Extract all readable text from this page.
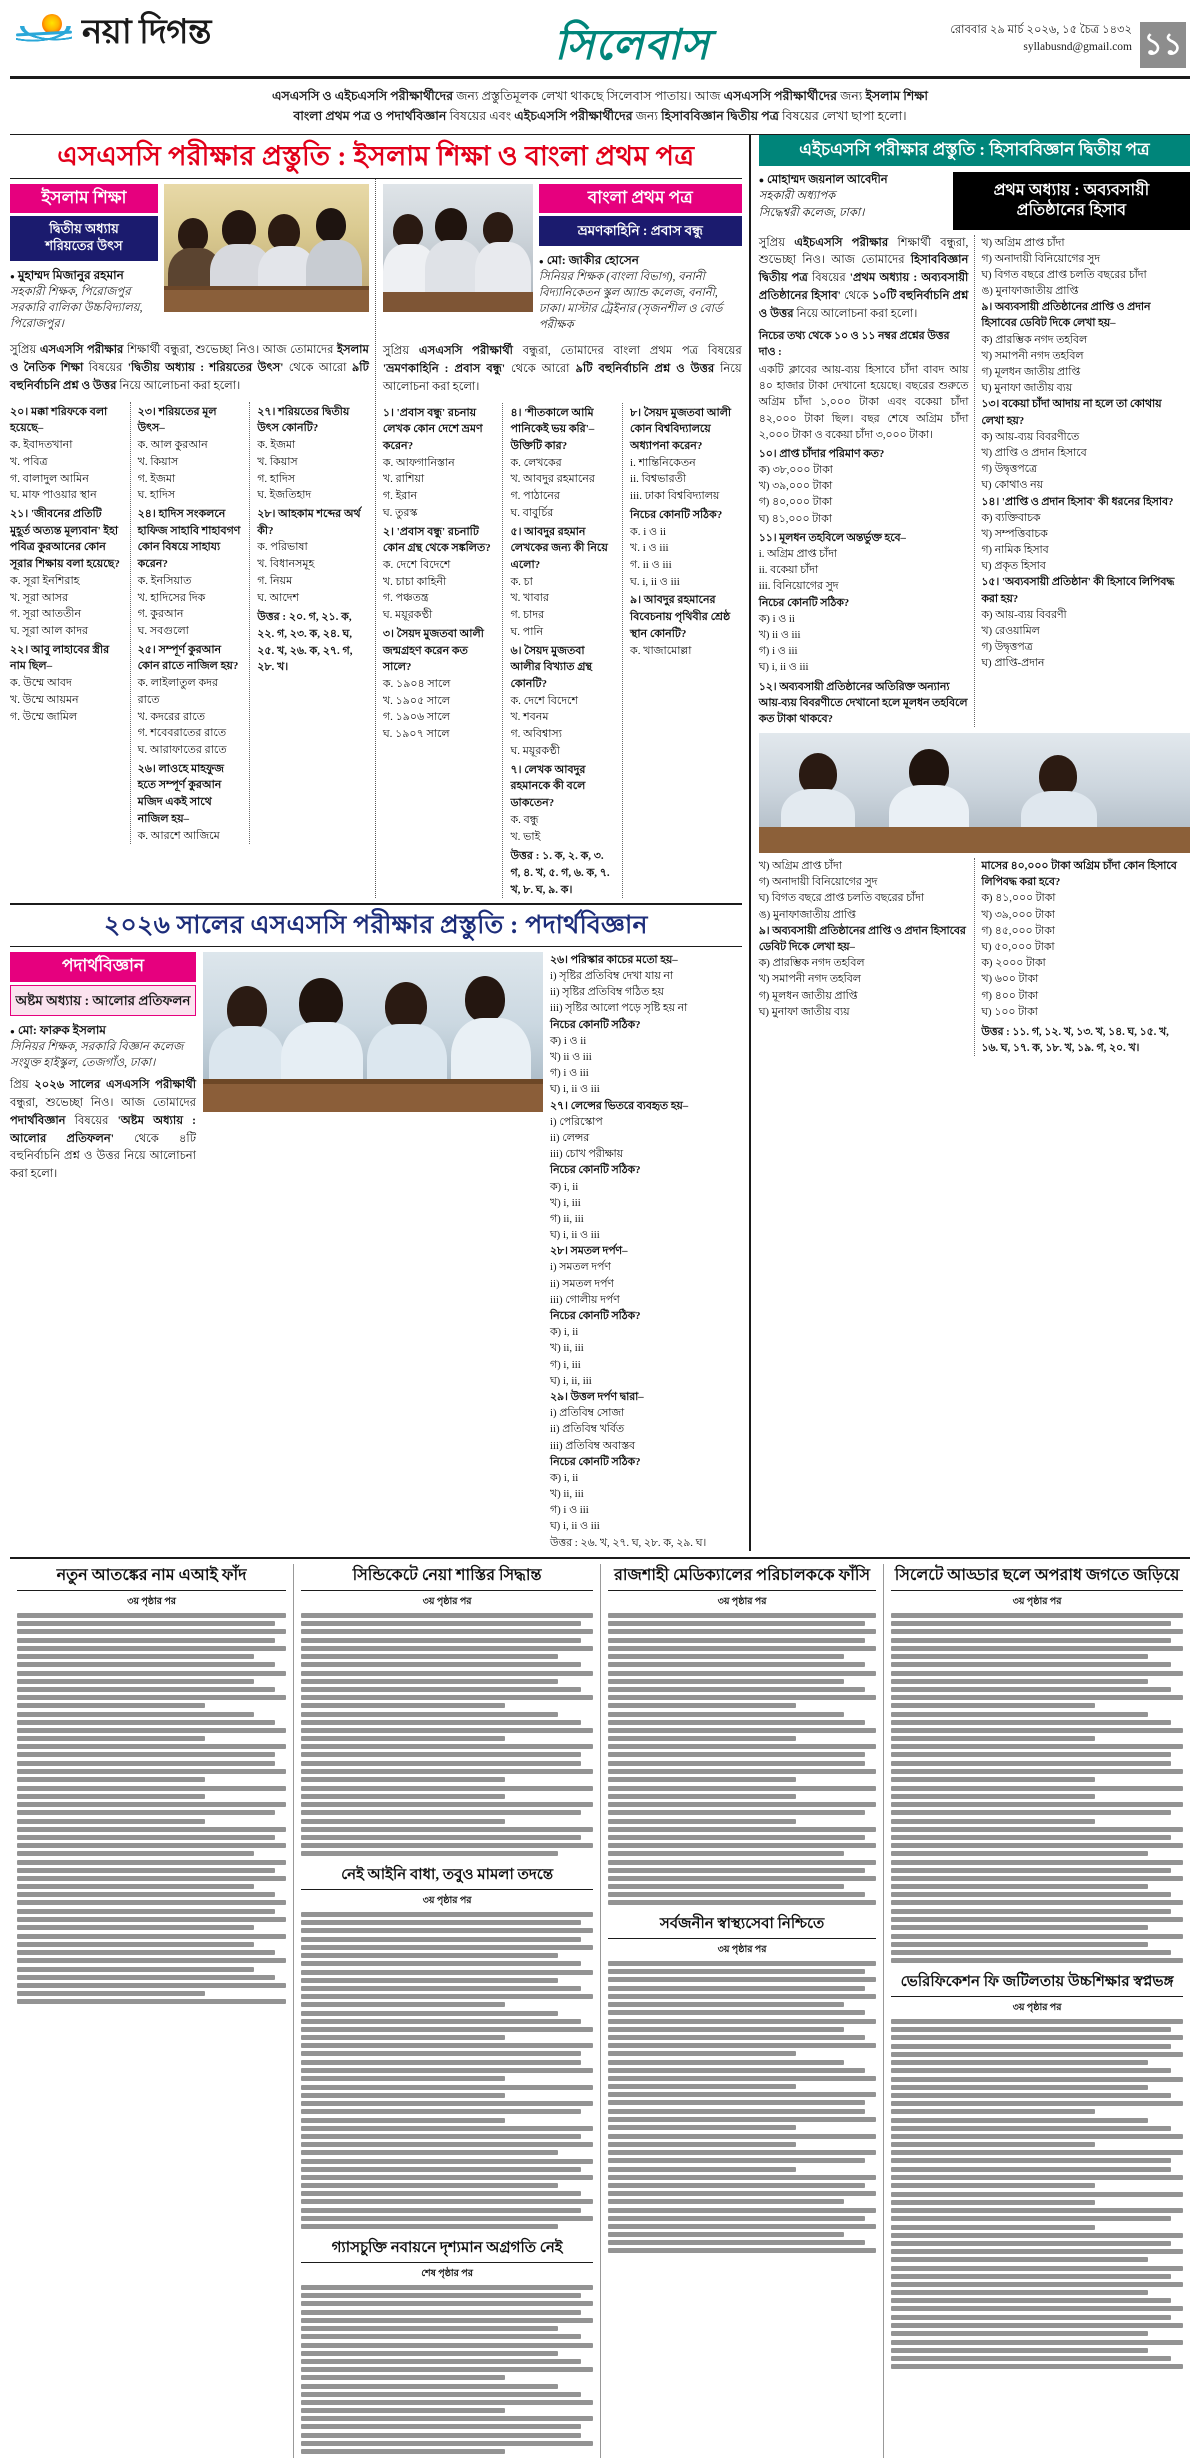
নয়া দিগন্ত	সিলেবাস	রোববার ২৯ মার্চ ২০২৬, ১৫ চৈত্র ১৪৩২
syllabusnd@gmail.com ১১
এসএসসি ও এইচএসসি পরীক্ষার্থীদের জন্য প্রস্তুতিমূলক লেখা থাকছে সিলেবাস পাতায়। আজ এসএসসি পরীক্ষার্থীদের জন্য ইসলাম শিক্ষা
বাংলা প্রথম পত্র ও পদার্থবিজ্ঞান বিষয়ের এবং এইচএসসি পরীক্ষার্থীদের জন্য হিসাববিজ্ঞান দ্বিতীয় পত্র বিষয়ের লেখা ছাপা হলো।
এসএসসি পরীক্ষার প্রস্তুতি : ইসলাম শিক্ষা ও বাংলা প্রথম পত্র
ইসলাম শিক্ষা
দ্বিতীয় অধ্যায়
শরিয়তের উৎস
● মুহাম্মদ মিজানুর রহমান
সহকারী শিক্ষক, পিরোজপুর সরকারি বালিকা উচ্চবিদ্যালয়, পিরোজপুর।
সুপ্রিয় এসএসসি পরীক্ষার শিক্ষার্থী বন্ধুরা, শুভেচ্ছা নিও। আজ তোমাদের ইসলাম ও নৈতিক শিক্ষা বিষয়ের 'দ্বিতীয় অধ্যায় : শরিয়তের উৎস' থেকে আরো ৯টি বহুনির্বাচনি প্রশ্ন ও উত্তর নিয়ে আলোচনা করা হলো।
২০। মক্কা শরিফকে বলা হয়েছে–
ক. ইবাদতখানা
খ. পবিত্র
গ. বালাদুল আমিন
ঘ. মাফ পাওয়ার স্থান
২১। 'জীবনের প্রতিটি মুহূর্ত অত্যন্ত মূল্যবান' ইহা পবিত্র কুরআনের কোন সূরার শিক্ষায় বলা হয়েছে?
ক. সূরা ইনশিরাহ
খ. সূরা আসর
গ. সূরা আততীন
ঘ. সূরা আল কাদর
২২। আবু লাহাবের স্ত্রীর নাম ছিল–
ক. উম্মে আবদ
খ. উম্মে আয়মন
গ. উম্মে জামিল
২৩। শরিয়তের মূল উৎস–
ক. আল কুরআন
খ. কিয়াস
গ. ইজমা
ঘ. হাদিস
২৪। হাদিস সংকলনে হাফিজ সাহাবি শাহাবগণ কোন বিষয়ে সাহায্য করেন?
ক. ইনসিয়াত
খ. হাদিসের দিক
গ. কুরআন
ঘ. সবগুলো
২৫। সম্পূর্ণ কুরআন কোন রাতে নাজিল হয়?
ক. লাইলাতুল কদর রাতে
খ. কদরের রাতে
গ. শবেবরাতের রাতে
ঘ. আরাফাতের রাতে
২৬। লাওহে মাহফুজ হতে সম্পূর্ণ কুরআন মজিদ একই সাথে নাজিল হয়–
ক. আরশে আজিমে
২৭। শরিয়তের দ্বিতীয় উৎস কোনটি?
ক. ইজমা
খ. কিয়াস
গ. হাদিস
ঘ. ইজতিহাদ
২৮। আহকাম শব্দের অর্থ কী?
ক. পরিভাষা
খ. বিধানসমূহ
গ. নিয়ম
ঘ. আদেশ
উত্তর : ২০. গ, ২১. ক, ২২. গ, ২৩. ক, ২৪. ঘ, ২৫. খ, ২৬. ক, ২৭. গ, ২৮. খ।
বাংলা প্রথম পত্র
ভ্রমণকাহিনি : প্রবাস বন্ধু
● মো: জাকীর হোসেন
সিনিয়র শিক্ষক (বাংলা বিভাগ), বনানী বিদ্যানিকেতন স্কুল অ্যান্ড কলেজ, বনানী, ঢাকা। মাস্টার ট্রেইনার (সৃজনশীল ও বোর্ড পরীক্ষক
সুপ্রিয় এসএসসি পরীক্ষার্থী বন্ধুরা, তোমাদের বাংলা প্রথম পত্র বিষয়ের 'ভ্রমণকাহিনি : প্রবাস বন্ধু' থেকে আরো ৯টি বহুনির্বাচনি প্রশ্ন ও উত্তর নিয়ে আলোচনা করা হলো।
১। 'প্রবাস বন্ধু' রচনায় লেখক কোন দেশে ভ্রমণ করেন?
ক. আফগানিস্তান
খ. রাশিয়া
গ. ইরান
ঘ. তুরস্ক
২। 'প্রবাস বন্ধু' রচনাটি কোন গ্রন্থ থেকে সঙ্কলিত?
ক. দেশে বিদেশে
খ. চাচা কাহিনী
গ. পঞ্চতন্ত্র
ঘ. ময়ূরকণ্ঠী
৩। সৈয়দ মুজতবা আলী জন্মগ্রহণ করেন কত সালে?
ক. ১৯০৪ সালে
খ. ১৯০৫ সালে
গ. ১৯০৬ সালে
ঘ. ১৯০৭ সালে
৪। 'শীতকালে আমি পানিকেই ভয় করি'– উক্তিটি কার?
ক. লেখকের
খ. আবদুর রহমানের
গ. পাঠানের
ঘ. বাবুর্চির
৫। আবদুর রহমান লেখকের জন্য কী নিয়ে এলো?
ক. চা
খ. খাবার
গ. চাদর
ঘ. পানি
৬। সৈয়দ মুজতবা আলীর বিখ্যাত গ্রন্থ কোনটি?
ক. দেশে বিদেশে
খ. শবনম
গ. অবিশ্বাস্য
ঘ. ময়ূরকণ্ঠী
৭। লেখক আবদুর রহমানকে কী বলে ডাকতেন?
ক. বন্ধু
খ. ভাই
উত্তর : ১. ক, ২. ক, ৩. গ, ৪. খ, ৫. গ, ৬. ক, ৭. খ, ৮. ঘ, ৯. ক।
৮। সৈয়দ মুজতবা আলী কোন বিশ্ববিদ্যালয়ে অধ্যাপনা করেন?
i. শান্তিনিকেতন
ii. বিশ্বভারতী
iii. ঢাকা বিশ্ববিদ্যালয়
নিচের কোনটি সঠিক?
ক. i ও ii
খ. i ও iii
গ. ii ও iii
ঘ. i, ii ও iii
৯। আবদুর রহমানের বিবেচনায় পৃথিবীর শ্রেষ্ঠ স্থান কোনটি?
ক. খাজামোল্লা
২০২৬ সালের এসএসসি পরীক্ষার প্রস্তুতি : পদার্থবিজ্ঞান
পদার্থবিজ্ঞান
অষ্টম অধ্যায় : আলোর প্রতিফলন
● মো: ফারুক ইসলাম
সিনিয়র শিক্ষক, সরকারি বিজ্ঞান কলেজ সংযুক্ত হাইস্কুল, তেজগাঁও, ঢাকা।
প্রিয় ২০২৬ সালের এসএসসি পরীক্ষার্থী বন্ধুরা, শুভেচ্ছা নিও। আজ তোমাদের পদার্থবিজ্ঞান বিষয়ের 'অষ্টম অধ্যায় : আলোর প্রতিফলন' থেকে ৪টি বহুনির্বাচনি প্রশ্ন ও উত্তর নিয়ে আলোচনা করা হলো।
২৬। পরিস্কার কাচের মতো হয়–
i) সৃষ্টির প্রতিবিম্ব দেখা যায় না
ii) সৃষ্টির প্রতিবিম্ব গঠিত হয়
iii) সৃষ্টির আলো পড়ে সৃষ্টি হয় না
নিচের কোনটি সঠিক?
ক) i ও ii
খ) ii ও iii
গ) i ও iii
ঘ) i, ii ও iii
২৭। লেন্সের ভিতরে ব্যবহৃত হয়–
i) পেরিস্কোপ
ii) লেন্সর
iii) চোখ পরীক্ষায়
নিচের কোনটি সঠিক?
ক) i, ii
খ) i, iii
গ) ii, iii
ঘ) i, ii ও iii
২৮। সমতল দর্পণ–
i) সমতল দর্পণ
ii) সমতল দর্পণ
iii) গোলীয় দর্পণ
নিচের কোনটি সঠিক?
ক) i, ii
খ) ii, iii
গ) i, iii
ঘ) i, ii, iii
২৯। উত্তল দর্পণ দ্বারা–
i) প্রতিবিম্ব সোজা
ii) প্রতিবিম্ব খর্বিত
iii) প্রতিবিম্ব অবাস্তব
নিচের কোনটি সঠিক?
ক) i, ii
খ) ii, iii
গ) i ও iii
ঘ) i, ii ও iii
উত্তর : ২৬. খ, ২৭. ঘ, ২৮. ক, ২৯. ঘ।
এইচএসসি পরীক্ষার প্রস্তুতি : হিসাববিজ্ঞান দ্বিতীয় পত্র
● মোহাম্মদ জয়নাল আবেদীন
সহকারী অধ্যাপক
সিদ্ধেশ্বরী কলেজ, ঢাকা।
প্রথম অধ্যায় : অব্যবসায়ী
প্রতিষ্ঠানের হিসাব
সুপ্রিয় এইচএসসি পরীক্ষার শিক্ষার্থী বন্ধুরা, শুভেচ্ছা নিও। আজ তোমাদের হিসাববিজ্ঞান দ্বিতীয় পত্র বিষয়ের 'প্রথম অধ্যায় : অব্যবসায়ী প্রতিষ্ঠানের হিসাব' থেকে ১০টি বহুনির্বাচনি প্রশ্ন ও উত্তর নিয়ে আলোচনা করা হলো।
নিচের তথ্য থেকে ১০ ও ১১ নম্বর প্রশ্নের উত্তর দাও :
একটি ক্লাবের আয়-ব্যয় হিসাবে চাঁদা বাবদ আয় ৪০ হাজার টাকা দেখানো হয়েছে। বছরের শুরুতে অগ্রিম চাঁদা ১,০০০ টাকা এবং বকেয়া চাঁদা ৪২,০০০ টাকা ছিল। বছর শেষে অগ্রিম চাঁদা ২,০০০ টাকা ও বকেয়া চাঁদা ৩,০০০ টাকা।
১০। প্রাপ্ত চাঁদার পরিমাণ কত?
ক) ৩৮,০০০ টাকা
খ) ৩৯,০০০ টাকা
গ) ৪০,০০০ টাকা
ঘ) ৪১,০০০ টাকা
১১। মূলধন তহবিলে অন্তর্ভুক্ত হবে–
i. অগ্রিম প্রাপ্ত চাঁদা
ii. বকেয়া চাঁদা
iii. বিনিয়োগের সুদ
নিচের কোনটি সঠিক?
ক) i ও ii
খ) ii ও iii
গ) i ও iii
ঘ) i, ii ও iii
১২। অব্যবসায়ী প্রতিষ্ঠানের অতিরিক্ত অন্যান্য আয়-ব্যয় বিবরণীতে দেখানো হলে মূলধন তহবিলে কত টাকা থাকবে?
খ) অগ্রিম প্রাপ্ত চাঁদা
গ) অনাদায়ী বিনিয়োগের সুদ
ঘ) বিগত বছরে প্রাপ্ত চলতি বছরের চাঁদা
ঙ) মুনাফাজাতীয় প্রাপ্তি
৯। অব্যবসায়ী প্রতিষ্ঠানের প্রাপ্তি ও প্রদান হিসাবের ডেবিট দিকে লেখা হয়–
ক) প্রারম্ভিক নগদ তহবিল
খ) সমাপনী নগদ তহবিল
গ) মূলধন জাতীয় প্রাপ্তি
ঘ) মুনাফা জাতীয় ব্যয়
১৩। বকেয়া চাঁদা আদায় না হলে তা কোথায় লেখা হয়?
ক) আয়-ব্যয় বিবরণীতে
খ) প্রাপ্তি ও প্রদান হিসাবে
গ) উদ্বৃত্তপত্রে
ঘ) কোথাও নয়
১৪। 'প্রাপ্তি ও প্রদান হিসাব' কী ধরনের হিসাব?
ক) ব্যক্তিবাচক
খ) সম্পত্তিবাচক
গ) নামিক হিসাব
ঘ) প্রকৃত হিসাব
১৫। 'অব্যবসায়ী প্রতিষ্ঠান' কী হিসাবে লিপিবদ্ধ করা হয়?
ক) আয়-ব্যয় বিবরণী
খ) রেওয়ামিল
গ) উদ্বৃত্তপত্র
ঘ) প্রাপ্তি-প্রদান
খ) অগ্রিম প্রাপ্ত চাঁদা
গ) অনাদায়ী বিনিয়োগের সুদ
ঘ) বিগত বছরে প্রাপ্ত চলতি বছরের চাঁদা
ঙ) মুনাফাজাতীয় প্রাপ্তি
৯। অব্যবসায়ী প্রতিষ্ঠানের প্রাপ্তি ও প্রদান হিসাবের ডেবিট দিকে লেখা হয়–
ক) প্রারম্ভিক নগদ তহবিল
খ) সমাপনী নগদ তহবিল
গ) মূলধন জাতীয় প্রাপ্তি
ঘ) মুনাফা জাতীয় ব্যয়
মাসের ৪০,০০০ টাকা অগ্রিম চাঁদা কোন হিসাবে লিপিবদ্ধ করা হবে?
ক) ৪১,০০০ টাকা
খ) ৩৯,০০০ টাকা
গ) ৪৫,০০০ টাকা
ঘ) ৫০,০০০ টাকা
ক) ২০০০ টাকা
খ) ৬০০ টাকা
গ) ৪০০ টাকা
ঘ) ১০০ টাকা
উত্তর : ১১. গ, ১২. খ, ১৩. খ, ১৪. ঘ, ১৫. খ, ১৬. ঘ, ১৭. ক, ১৮. খ, ১৯. গ, ২০. খ।
নতুন আতঙ্কের নাম এআই ফাঁদ
৩য় পৃষ্ঠার পর

সিন্ডিকেটে নেয়া শাস্তির সিদ্ধান্ত
৩য় পৃষ্ঠার পর

নেই আইনি বাধা, তবুও মামলা তদন্তে
৩য় পৃষ্ঠার পর

গ্যাসচুক্তি নবায়নে দৃশ্যমান অগ্রগতি নেই
শেষ পৃষ্ঠার পর

রাজশাহী মেডিক্যালের পরিচালককে ফাঁসি
৩য় পৃষ্ঠার পর

সর্বজনীন স্বাস্থ্যসেবা নিশ্চিতে
৩য় পৃষ্ঠার পর

সিলেটে আড্ডার ছলে অপরাধ জগতে জড়িয়ে
৩য় পৃষ্ঠার পর

ভেরিফিকেশন ফি জটিলতায় উচ্চশিক্ষার স্বপ্নভঙ্গ
৩য় পৃষ্ঠার পর
